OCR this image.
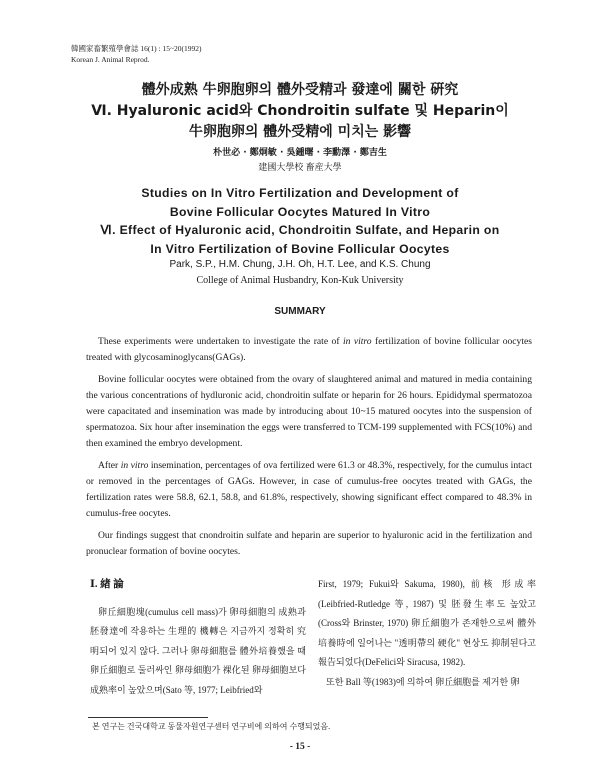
韓國家畜繁殖學會誌 16(1) : 15~20(1992)
Korean J. Animal Reprod.
體外成熟 牛卵胞卵의 體外受精과 發達에 關한 硏究
Ⅵ. Hyaluronic acid와 Chondroitin sulfate 및 Heparin이
牛卵胞卵의 體外受精에 미치는 影響
朴世必 · 鄭炯敏 · 吳鍾曙 · 李勳澤 · 鄭吉生
建國大學校 畜産大學
Studies on In Vitro Fertilization and Development of
Bovine Follicular Oocytes Matured In Vitro
Ⅵ. Effect of Hyaluronic acid, Chondroitin Sulfate, and Heparin on
In Vitro Fertilization of Bovine Follicular Oocytes
Park, S.P., H.M. Chung, J.H. Oh, H.T. Lee, and K.S. Chung
College of Animal Husbandry, Kon-Kuk University
SUMMARY

These experiments were undertaken to investigate the rate of in vitro fertilization of bovine follicular oocytes treated with glycosaminoglycans(GAGs).

Bovine follicular oocytes were obtained from the ovary of slaughtered animal and matured in media containing the various concentrations of hydluronic acid, chondroitin sulfate or heparin for 26 hours. Epididymal spermatozoa were capacitated and insemination was made by introducing about 10~15 matured oocytes into the suspension of spermatozoa. Six hour after insemination the eggs were transferred to TCM-199 supplemented with FCS(10%) and then examined the embryo development.

After in vitro insemination, percentages of ova fertilized were 61.3 or 48.3%, respectively, for the cumulus intact or removed in the percentages of GAGs. However, in case of cumulus-free oocytes treated with GAGs, the fertilization rates were 58.8, 62.1, 58.8, and 61.8%, respectively, showing significant effect compared to 48.3% in cumulus-free oocytes.

Our findings suggest that cnondroitin sulfate and heparin are superior to hyaluronic acid in the fertilization and pronuclear formation of bovine oocytes.

Ⅰ. 緖 論
卵丘細胞塊(cumulus cell mass)가 卵母細胞의 成熟과 胚發達에 작용하는 生理的 機轉은 지금까지 정확히 究明되어 있지 않다. 그러나 卵母細胞를 體外培養했을 때 卵丘細胞로 둘러싸인 卵母細胞가 裸化된 卵母細胞보다 成熟率이 높았으며(Sato 等, 1977; Leibfried와
First, 1979; Fukui와 Sakuma, 1980), 前核 形成率(Leibfried-Rutledge 等, 1987) 및 胚發生率도 높았고(Cross와 Brinster, 1970) 卵丘細胞가 존재한으로써 體外培養時에 일어나는 "透明帶의 硬化" 현상도 抑制된다고 報告되었다(DeFelici와 Siracusa, 1982).
또한 Ball 等(1983)에 의하여 卵丘細胞를 제거한 卵
본 연구는 건국대학교 동물자원연구센터 연구비에 의하여 수행되었음.
- 15 -
